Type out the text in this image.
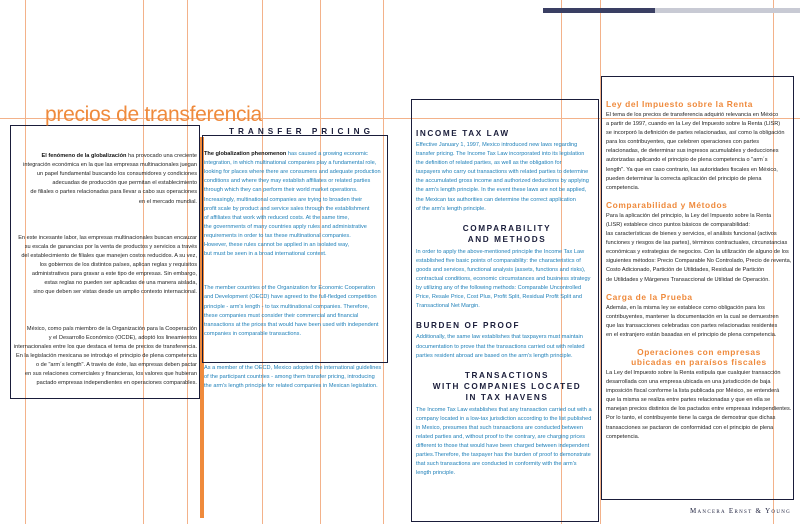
precios de transferencia

El fenómeno de la globalización ha provocado una creciente
integración económica en la que las empresas multinacionales juegan
un papel fundamental buscando los consumidores y condiciones
adecuadas de producción que permitan el establecimiento
de filiales o partes relacionadas para llevar a cabo sus operaciones
en el mercado mundial.

En este incesante labor, las empresas multinacionales buscan encauzar
su escala de ganancias por la venta de productos y servicios a través
del establecimiento de filiales que manejen costos reducidos. A su vez,
los gobiernos de los distintos países, aplican reglas y requisitos
administrativos para gravar a este tipo de empresas. Sin embargo,
estas reglas no pueden ser aplicadas de una manera aislada,
sino que deben ser vistas desde un amplio contexto internacional.

México, como país miembro de la Organización para la Cooperación
y el Desarrollo Económico (OCDE), adoptó los lineamientos
internacionales entre los que destaca el tema de precios de transferencia.
En la legislación mexicana se introdujo el principio de plena competencia
o de "arm´s length". A través de éste, las empresas deben pactar
en sus relaciones comerciales y financieras, los valores que hubieran
pactado empresas independientes en operaciones comparables.

TRANSFER PRICING

The globalization phenomenon has caused a growing economic
integration, in which multinational companies play a fundamental role,
looking for places where there are consumers and adequate production
conditions and where they may establish affiliates or related parties
through which they can perform their world market operations.
Increasingly, multinational companies are trying to broaden their
profit scale by product and service sales through the establishment
of affiliates that work with reduced costs. At the same time,
the governments of many countries apply rules and administrative
requirements in order to tax these multinational companies.
However, these rules cannot be applied in an isolated way,
but must be seen in a broad international context.

The member countries of the Organization for Economic Cooperation
and Development (OECD) have agreed to the full-fledged competition
principle - arm's length - to tax multinational companies. Therefore,
these companies must consider their commercial and financial
transactions at the prices that would have been used with independent
companies in comparable transactions.

As a member of the OECD, Mexico adopted the international guidelines
of the participant countries - among them transfer pricing, introducing
the arm's length principle for related companies in Mexican legislation.

INCOME TAX LAW
Effective January 1, 1997, Mexico introduced new laws regarding
transfer pricing. The Income Tax Law incorporated into its legislation
the definition of related parties, as well as the obligation for
taxpayers who carry out transactions with related parties to determine
the accumulated gross income and authorized deductions by applying
the arm's length principle. In the event these laws are not be applied,
the Mexican tax authorities can determine the correct application
of the arm's length principle.
COMPARABILITY
AND METHODS
In order to apply the above-mentioned principle the Income Tax Law
established five basic points of comparability: the characteristics of
goods and services, functional analysis (assets, functions and risks),
contractual conditions, economic circumstances and business strategy
by utilizing any of the following methods: Comparable Uncontrolled
Price, Resale Price, Cost Plus, Profit Split, Residual Profit Split and
Transactional Net Margin.
BURDEN OF PROOF
Additionally, the same law establishes that taxpayers must maintain
documentation to prove that the transactions carried out with related
parties resident abroad are based on the arm's length principle.
TRANSACTIONS
WITH COMPANIES LOCATED
IN TAX HAVENS
The Income Tax Law establishes that any transaction carried out with a
company located in a low-tax jurisdiction according to the list published
in Mexico, presumes that such transactions are conducted between
related parties and, without proof to the contrary, are charging prices
different to those that would have been charged between independent
parties.Therefore, the taxpayer has the burden of proof to demonstrate
that such transactions are conducted in conformity with the arm's
length principle.
Ley del Impuesto sobre la Renta
El tema de los precios de transferencia adquirió relevancia en México
a partir de 1997, cuando en la Ley del Impuesto sobre la Renta (LISR)
se incorporó la definición de partes relacionadas, así como la obligación
para los contribuyentes, que celebren operaciones con partes
relacionadas, de determinar sus ingresos acumulables y deducciones
autorizadas aplicando el principio de plena competencia o "arm´s
length". Ya que en caso contrario, las autoridades fiscales en México,
pueden determinar la correcta aplicación del principio de plena
competencia.
Comparabilidad y Métodos
Para la aplicación del principio, la Ley del Impuesto sobre la Renta
(LISR) establece cinco puntos básicos de comparabilidad:
las características de bienes y servicios, el análisis funcional (activos
funciones y riesgos de las partes), términos contractuales, circunstancias
económicas y estrategias de negocios. Con la utilización de alguno de los
siguientes métodos: Precio Comparable No Controlado, Precio de reventa,
Costo Adicionado, Partición de Utilidades, Residual de Partición
de Utilidades y Márgenes Transaccional de Utilidad de Operación.
Carga de la Prueba
Además, en la misma ley se establece como obligación para los
contribuyentes, mantener la documentación en la cual se demuestren
que las transacciones celebradas con partes relacionadas residentes
en el extranjero están basadas en el principio de plena competencia.
Operaciones con empresas
ubicadas en paraísos fiscales
La Ley del Impuesto sobre la Renta estipula que cualquier transacción
desarrollada con una empresa ubicada en una jurisdicción de baja
imposición fiscal conforme la lista publicada por México, se entenderá
que la misma se realiza entre partes relacionadas y que en ella se
manejan precios distintos de los pactados entre empresas independientes.
Por lo tanto, el contribuyente tiene la carga de demostrar que dichas
transacciones se pactaron de conformidad con el principio de plena
competencia.
Mancera Ernst & Young
